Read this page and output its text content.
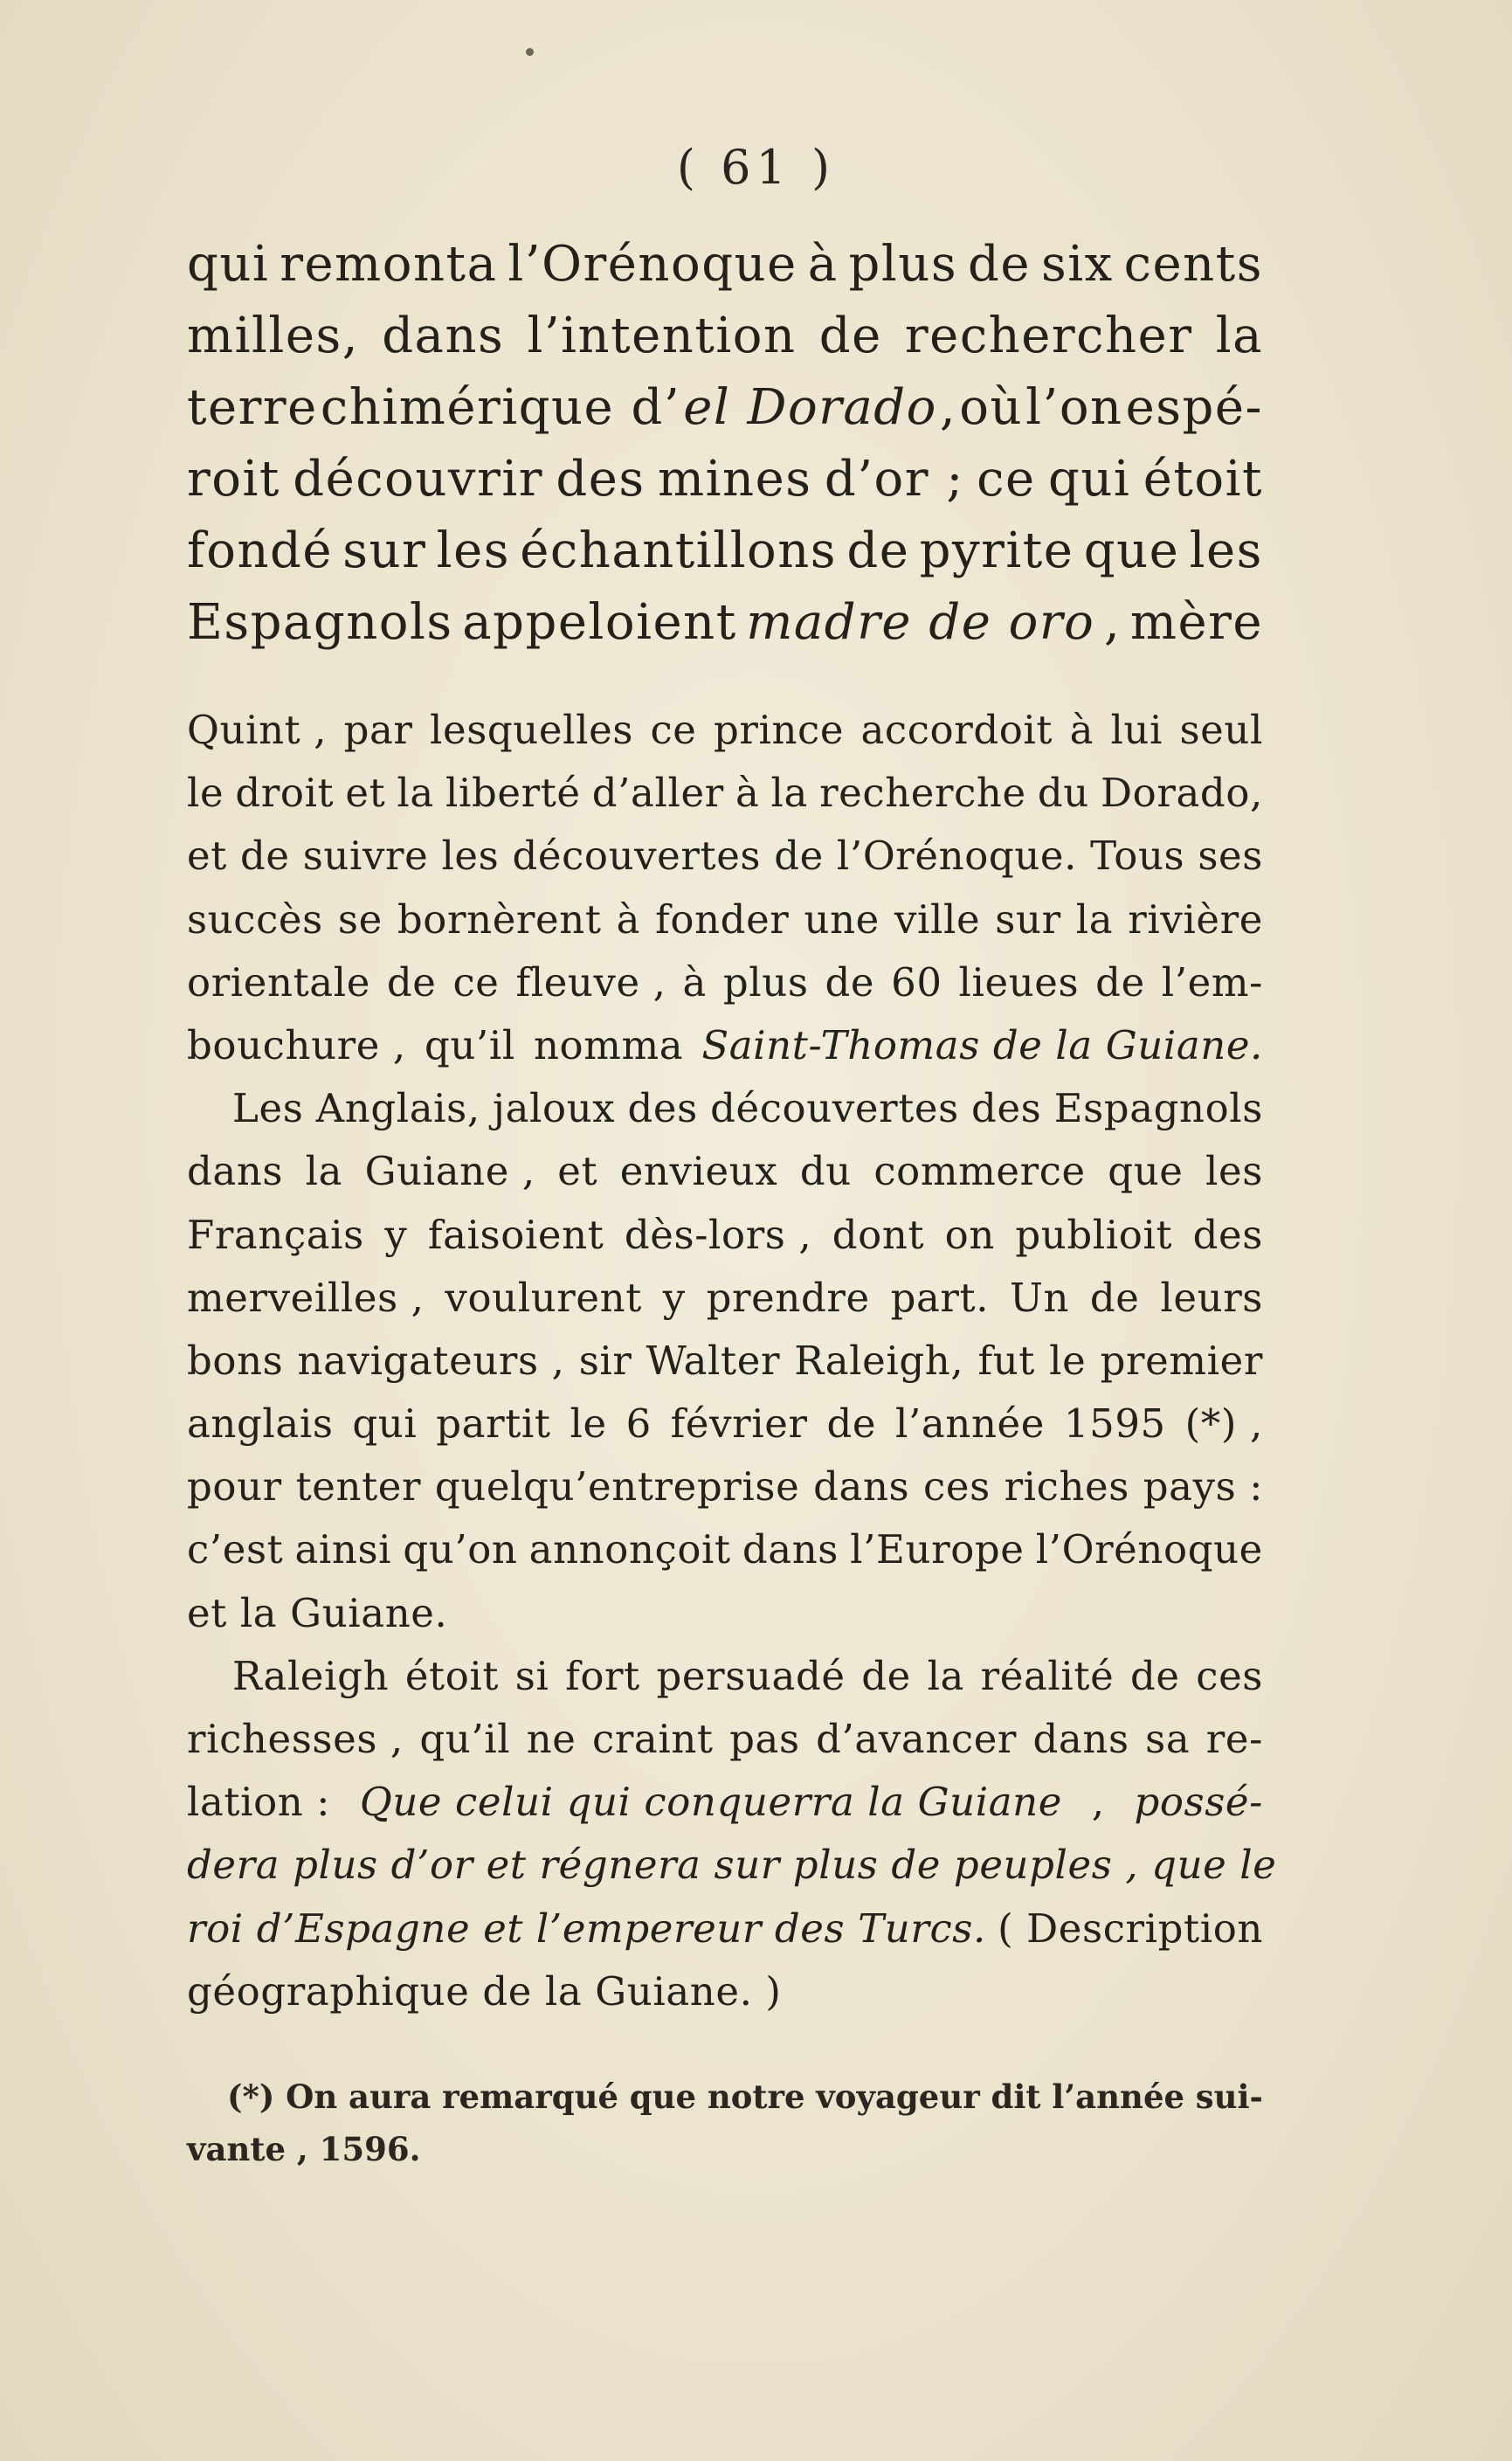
( 61 )
qui remonta l’Orénoque à plus de six cents
milles, dans l’intention de rechercher la
terre chimérique d’ el Dorado , où l’on espé-
roit découvrir des mines d’or ; ce qui étoit
fondé sur les échantillons de pyrite que les
Espagnols appeloient madre de oro , mère
Quint , par lesquelles ce prince accordoit à lui seul
le droit et la liberté d’aller à la recherche du Dorado,
et de suivre les découvertes de l’Orénoque. Tous ses
succès se bornèrent à fonder une ville sur la rivière
orientale de ce fleuve , à plus de 60 lieues de l’em-
bouchure , qu’il nomma Saint-Thomas de la Guiane.
Les Anglais, jaloux des découvertes des Espagnols
dans la Guiane , et envieux du commerce que les
Français y faisoient dès-lors , dont on publioit des
merveilles , voulurent y prendre part. Un de leurs
bons navigateurs , sir Walter Raleigh, fut le premier
anglais qui partit le 6 février de l’année 1595 (*) ,
pour tenter quelqu’entreprise dans ces riches pays :
c’est ainsi qu’on annonçoit dans l’Europe l’Orénoque
et la Guiane.
Raleigh étoit si fort persuadé de la réalité de ces
richesses , qu’il ne craint pas d’avancer dans sa re-
lation : Que celui qui conquerra la Guiane , possé-
dera plus d’or et régnera sur plus de peuples , que le
roi d’Espagne et l’empereur des Turcs. ( Description
géographique de la Guiane. )
(*) On aura remarqué que notre voyageur dit l’année sui-
vante , 1596.
